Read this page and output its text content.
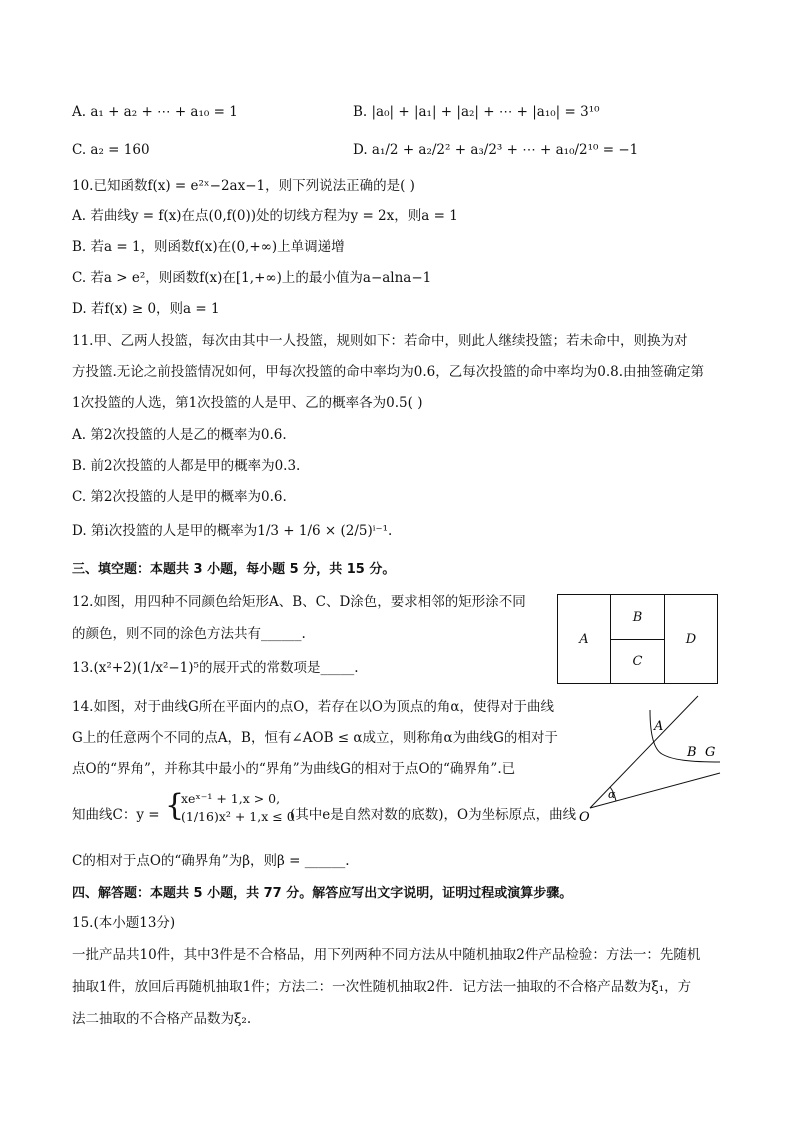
A. a₁ + a₂ + ⋯ + a₁₀ = 1	B. |a₀| + |a₁| + |a₂| + ⋯ + |a₁₀| = 3¹⁰
C. a₂ = 160	D. a₁/2 + a₂/2² + a₃/2³ + ⋯ + a₁₀/2¹⁰ = −1
10.已知函数f(x) = e²ˣ−2ax−1，则下列说法正确的是( )
A. 若曲线y = f(x)在点(0,f(0))处的切线方程为y = 2x，则a = 1
B. 若a = 1，则函数f(x)在(0,+∞)上单调递增
C. 若a > e²，则函数f(x)在[1,+∞)上的最小值为a−alna−1
D. 若f(x) ≥ 0，则a = 1
11.甲、乙两人投篮，每次由其中一人投篮，规则如下：若命中，则此人继续投篮；若未命中，则换为对
方投篮.无论之前投篮情况如何，甲每次投篮的命中率均为0.6，乙每次投篮的命中率均为0.8.由抽签确定第
1次投篮的人选，第1次投篮的人是甲、乙的概率各为0.5( )
A. 第2次投篮的人是乙的概率为0.6.
B. 前2次投篮的人都是甲的概率为0.3.
C. 第2次投篮的人是甲的概率为0.6.
D. 第i次投篮的人是甲的概率为1/3 + 1/6 × (2/5)ⁱ⁻¹.
三、填空题：本题共 3 小题，每小题 5 分，共 15 分。
12.如图，用四种不同颜色给矩形A、B、C、D涂色，要求相邻的矩形涂不同
的颜色，则不同的涂色方法共有______.	A
B
C
D
13.(x²+2)(1/x²−1)⁵的展开式的常数项是_____.
14.如图，对于曲线G所在平面内的点O，若存在以O为顶点的角α，使得对于曲线
G上的任意两个不同的点A，B，恒有∠AOB ≤ α成立，则称角α为曲线G的相对于
点O的“界角”，并称其中最小的“界角”为曲线G的相对于点O的“确界角”.已
知曲线C：y = {
xeˣ⁻¹ + 1,x > 0,
(1/16)x² + 1,x ≤ 0
(其中e是自然对数的底数)，O为坐标原点，曲线
C的相对于点O的“确界角”为β，则β = ______.
A
B G
α
O
四、解答题：本题共 5 小题，共 77 分。解答应写出文字说明，证明过程或演算步骤。
15.(本小题13分)
一批产品共10件，其中3件是不合格品，用下列两种不同方法从中随机抽取2件产品检验：方法一：先随机
抽取1件，放回后再随机抽取1件；方法二：一次性随机抽取2件．记方法一抽取的不合格产品数为ξ₁，方
法二抽取的不合格产品数为ξ₂.
